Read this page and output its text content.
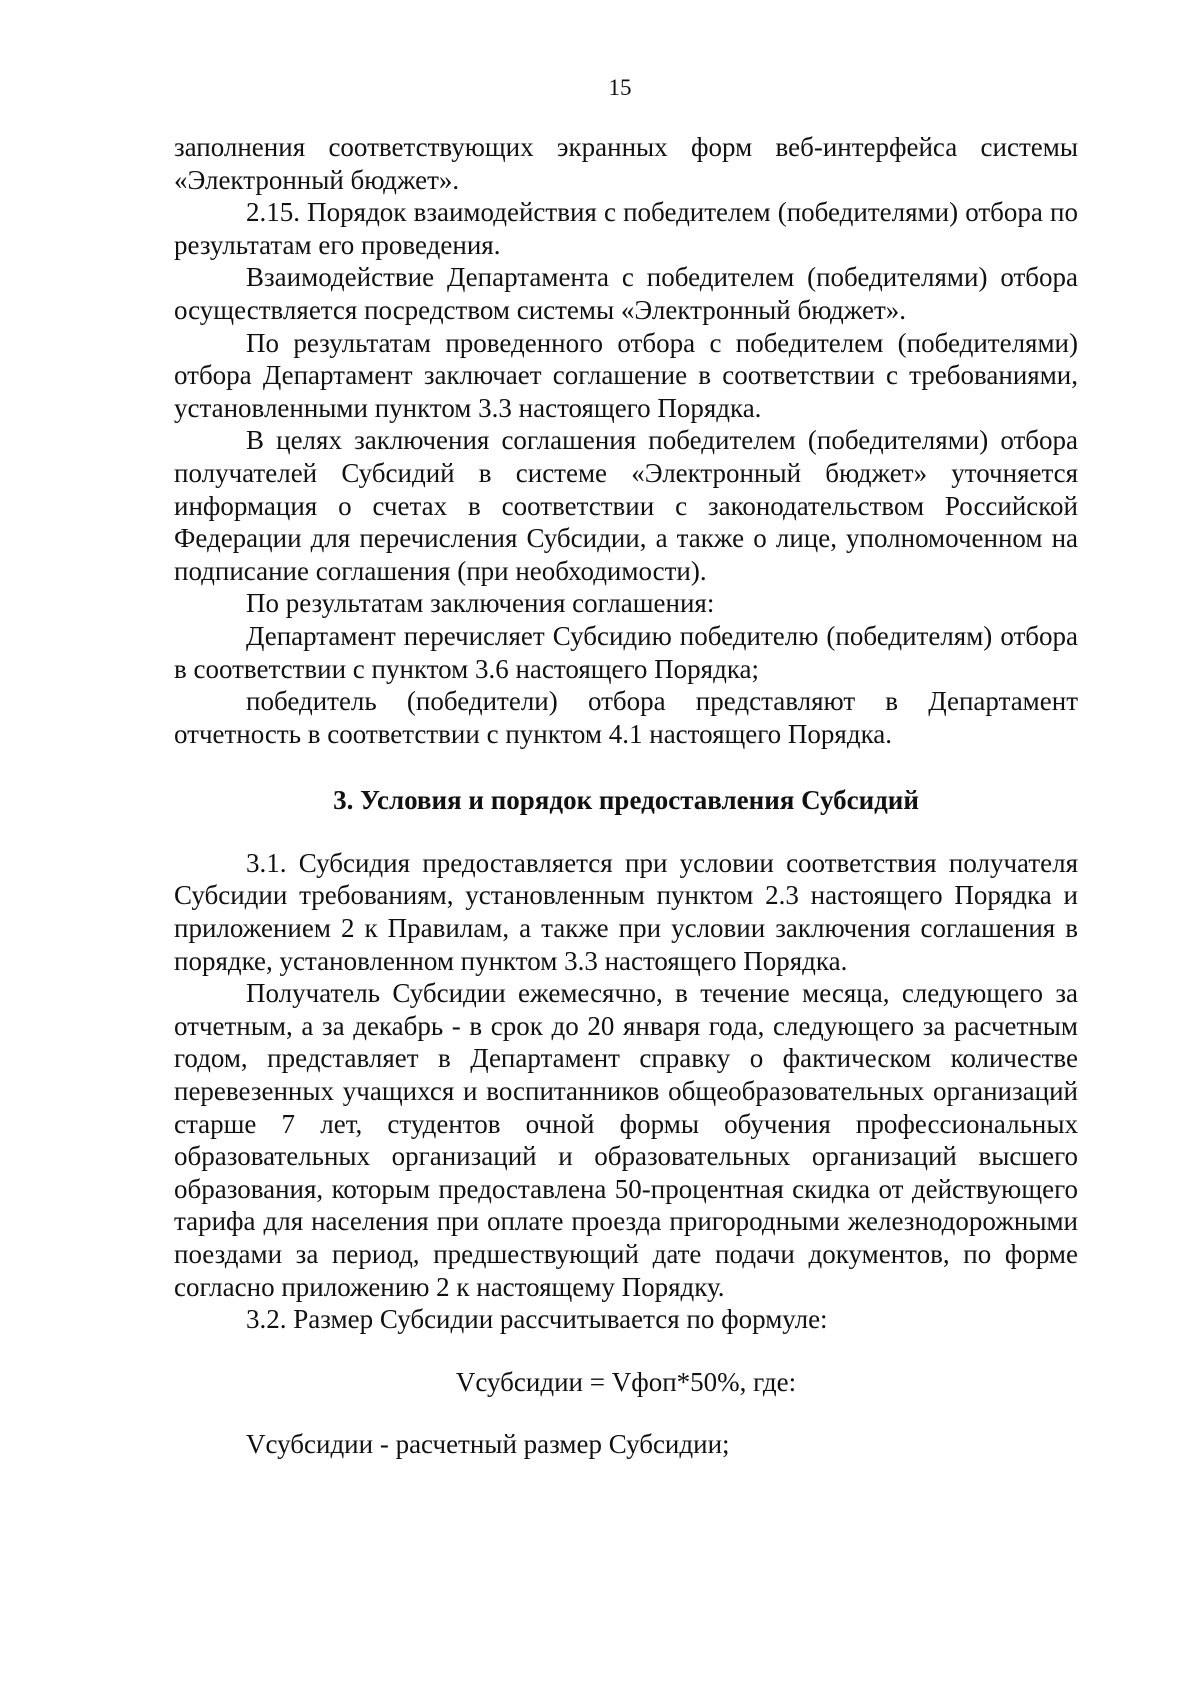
15

заполнения соответствующих экранных форм веб-интерфейса системы «Электронный бюджет».

2.15. Порядок взаимодействия с победителем (победителями) отбора по результатам его проведения.

Взаимодействие Департамента с победителем (победителями) отбора осуществляется посредством системы «Электронный бюджет».

По результатам проведенного отбора с победителем (победителями) отбора Департамент заключает соглашение в соответствии с требованиями, установленными пунктом 3.3 настоящего Порядка.

В целях заключения соглашения победителем (победителями) отбора получателей Субсидий в системе «Электронный бюджет» уточняется информация о счетах в соответствии с законодательством Российской Федерации для перечисления Субсидии, а также о лице, уполномоченном на подписание соглашения (при необходимости).

По результатам заключения соглашения:

Департамент перечисляет Субсидию победителю (победителям) отбора в соответствии с пунктом 3.6 настоящего Порядка;

победитель (победители) отбора представляют в Департамент отчетность в соответствии с пунктом 4.1 настоящего Порядка.

3. Условия и порядок предоставления Субсидий

3.1. Субсидия предоставляется при условии соответствия получателя Субсидии требованиям, установленным пунктом 2.3 настоящего Порядка и приложением 2 к Правилам, а также при условии заключения соглашения в порядке, установленном пунктом 3.3 настоящего Порядка.

Получатель Субсидии ежемесячно, в течение месяца, следующего за отчетным, а за декабрь - в срок до 20 января года, следующего за расчетным годом, представляет в Департамент справку о фактическом количестве перевезенных учащихся и воспитанников общеобразовательных организаций старше 7 лет, студентов очной формы обучения профессиональных образовательных организаций и образовательных организаций высшего образования, которым предоставлена 50-процентная скидка от действующего тарифа для населения при оплате проезда пригородными железнодорожными поездами за период, предшествующий дате подачи документов, по форме согласно приложению 2 к настоящему Порядку.

3.2. Размер Субсидии рассчитывается по формуле:

Vсубсидии = Vфоп*50%, где:

Vсубсидии - расчетный размер Субсидии;
